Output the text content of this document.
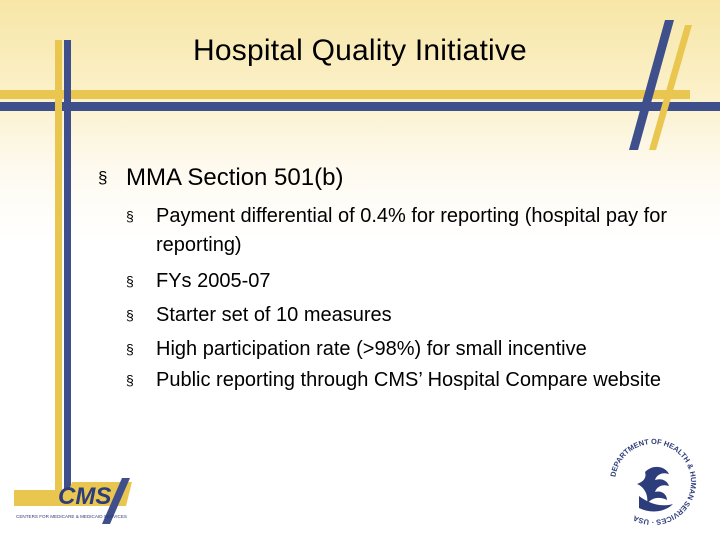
Hospital Quality Initiative
§ MMA Section 501(b)
§ Payment differential of 0.4% for reporting (hospital pay for reporting)
§ FYs 2005-07
§ Starter set of 10 measures
§ High participation rate (>98%) for small incentive
§ Public reporting through CMS’ Hospital Compare website
CMS
CENTERS FOR MEDICARE & MEDICAID SERVICES
DEPARTMENT OF HEALTH & HUMAN SERVICES · USA
